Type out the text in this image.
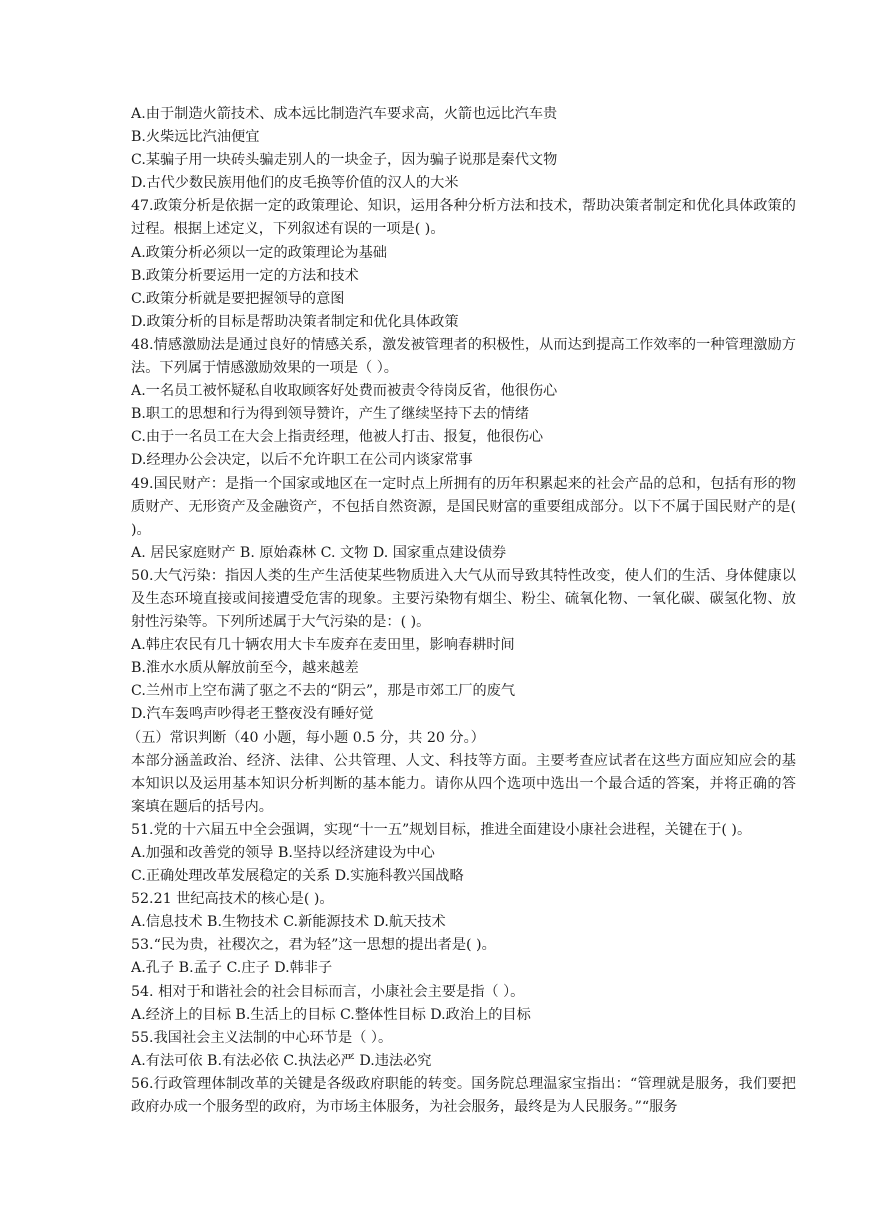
A.由于制造火箭技术、成本远比制造汽车要求高，火箭也远比汽车贵
B.火柴远比汽油便宜
C.某骗子用一块砖头骗走别人的一块金子，因为骗子说那是秦代文物
D.古代少数民族用他们的皮毛换等价值的汉人的大米
47.政策分析是依据一定的政策理论、知识，运用各种分析方法和技术，帮助决策者制定和优化具体政策的过程。根据上述定义，下列叙述有误的一项是( )。
A.政策分析必须以一定的政策理论为基础
B.政策分析要运用一定的方法和技术
C.政策分析就是要把握领导的意图
D.政策分析的目标是帮助决策者制定和优化具体政策
48.情感激励法是通过良好的情感关系，激发被管理者的积极性，从而达到提高工作效率的一种管理激励方法。下列属于情感激励效果的一项是（ ）。
A.一名员工被怀疑私自收取顾客好处费而被责令待岗反省，他很伤心
B.职工的思想和行为得到领导赞许，产生了继续坚持下去的情绪
C.由于一名员工在大会上指责经理，他被人打击、报复，他很伤心
D.经理办公会决定，以后不允许职工在公司内谈家常事
49.国民财产：是指一个国家或地区在一定时点上所拥有的历年积累起来的社会产品的总和，包括有形的物质财产、无形资产及金融资产，不包括自然资源，是国民财富的重要组成部分。以下不属于国民财产的是( )。
A. 居民家庭财产 B. 原始森林 C. 文物 D. 国家重点建设债券
50.大气污染：指因人类的生产生活使某些物质进入大气从而导致其特性改变，使人们的生活、身体健康以及生态环境直接或间接遭受危害的现象。主要污染物有烟尘、粉尘、硫氧化物、一氧化碳、碳氢化物、放射性污染等。下列所述属于大气污染的是：( )。
A.韩庄农民有几十辆农用大卡车废弃在麦田里，影响春耕时间
B.淮水水质从解放前至今，越来越差
C.兰州市上空布满了驱之不去的“阴云”，那是市郊工厂的废气
D.汽车轰鸣声吵得老王整夜没有睡好觉
（五）常识判断（40 小题，每小题 0.5 分，共 20 分。）
本部分涵盖政治、经济、法律、公共管理、人文、科技等方面。主要考查应试者在这些方面应知应会的基本知识以及运用基本知识分析判断的基本能力。请你从四个选项中选出一个最合适的答案，并将正确的答案填在题后的括号内。
51.党的十六届五中全会强调，实现“十一五”规划目标，推进全面建设小康社会进程，关键在于( )。
A.加强和改善党的领导 B.坚持以经济建设为中心
C.正确处理改革发展稳定的关系 D.实施科教兴国战略
52.21 世纪高技术的核心是( )。
A.信息技术 B.生物技术 C.新能源技术 D.航天技术
53.“民为贵，社稷次之，君为轻”这一思想的提出者是( )。
A.孔子 B.孟子 C.庄子 D.韩非子
54. 相对于和谐社会的社会目标而言，小康社会主要是指（ ）。
A.经济上的目标 B.生活上的目标 C.整体性目标 D.政治上的目标
55.我国社会主义法制的中心环节是（ ）。
A.有法可依 B.有法必依 C.执法必严 D.违法必究
56.行政管理体制改革的关键是各级政府职能的转变。国务院总理温家宝指出：“管理就是服务，我们要把政府办成一个服务型的政府，为市场主体服务，为社会服务，最终是为人民服务。”“服务
